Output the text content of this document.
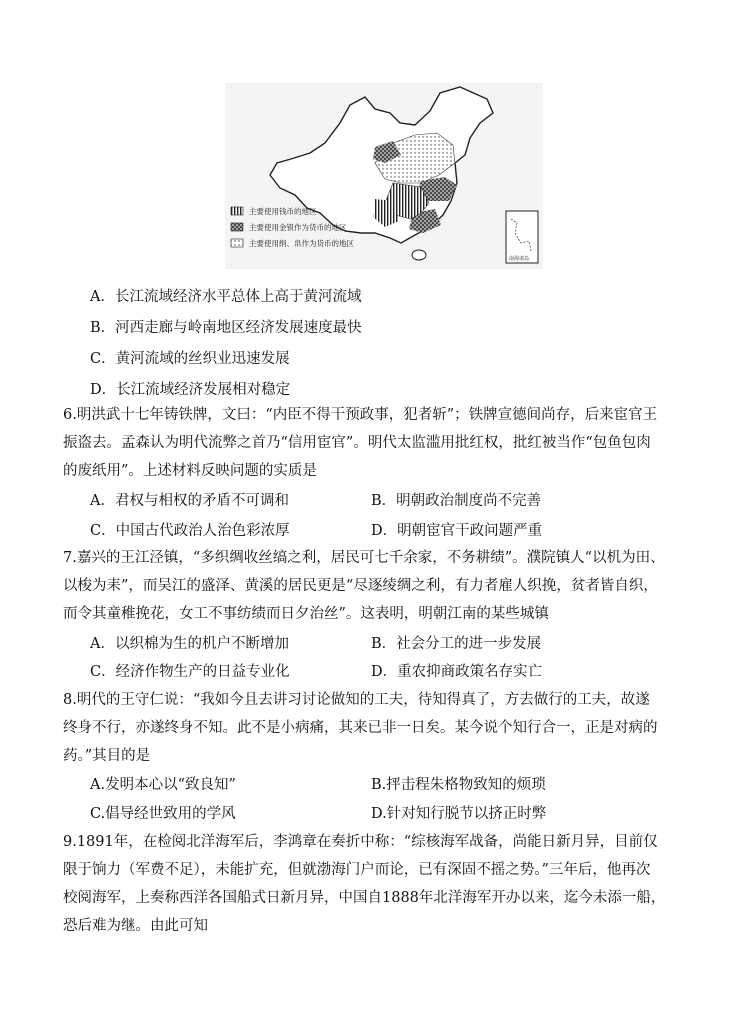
主要使用钱币的地区
主要使用金银作为货币的地区
主要使用绢、帛作为货币的地区
南海诸岛
A．长江流域经济水平总体上高于黄河流域
B．河西走廊与岭南地区经济发展速度最快
C．黄河流域的丝织业迅速发展
D．长江流域经济发展相对稳定
6.明洪武十七年铸铁牌，文曰：“内臣不得干预政事，犯者斩”；铁牌宣德间尚存，后来宦官王
振盗去。孟森认为明代流弊之首乃“信用宦官”。明代太监滥用批红权，批红被当作“包鱼包肉
的废纸用”。上述材料反映问题的实质是
A．君权与相权的矛盾不可调和	B．明朝政治制度尚不完善
C．中国古代政治人治色彩浓厚	D．明朝宦官干政问题严重
7.嘉兴的王江泾镇，“多织绸收丝缟之利，居民可七千余家，不务耕绩”。濮院镇人“以机为田、
以梭为耒”，而吴江的盛泽、黄溪的居民更是“尽逐绫绸之利，有力者雇人织挽，贫者皆自织，
而令其童稚挽花，女工不事纺绩而日夕治丝”。这表明，明朝江南的某些城镇
A．以织棉为生的机户不断增加	B．社会分工的进一步发展
C．经济作物生产的日益专业化	D．重农抑商政策名存实亡
8.明代的王守仁说：“我如今且去讲习讨论做知的工夫，待知得真了，方去做行的工夫，故遂
终身不行，亦遂终身不知。此不是小病痛，其来已非一日矣。某今说个知行合一，正是对病的
药。”其目的是
A.发明本心以“致良知”	B.抨击程朱格物致知的烦琐
C.倡导经世致用的学风	D.针对知行脱节以挤正时弊
9.1891年，在检阅北洋海军后，李鸿章在奏折中称：“综核海军战备，尚能日新月异，目前仅
限于饷力（军费不足），未能扩充，但就渤海门户而论，已有深固不摇之势。”三年后，他再次
校阅海军，上奏称西洋各国船式日新月异，中国自1888年北洋海军开办以来，迄今未添一船，
恐后难为继。由此可知
